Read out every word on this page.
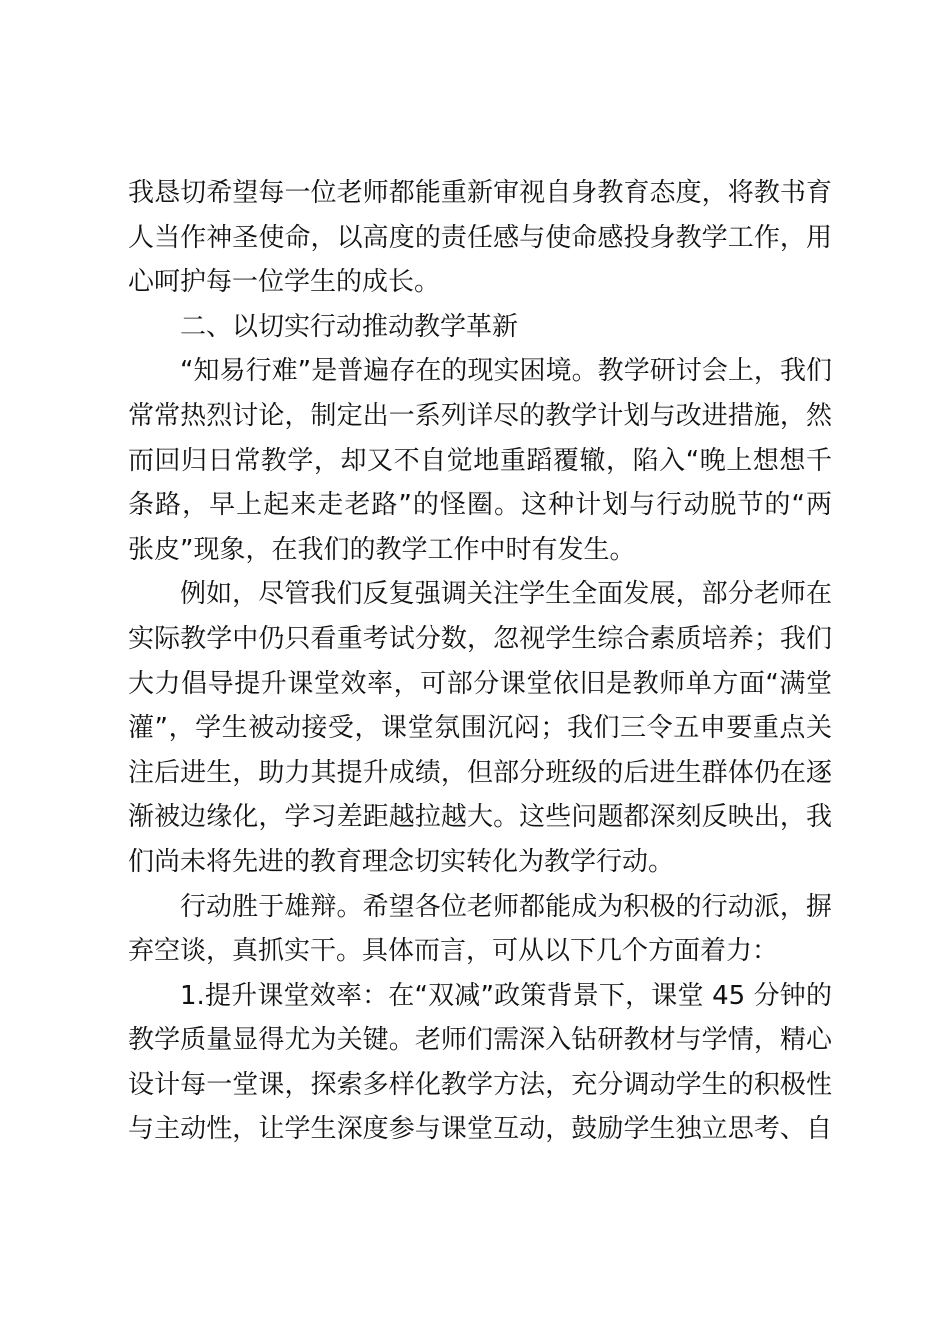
我恳切希望每一位老师都能重新审视自身教育态度，将教书育
人当作神圣使命，以高度的责任感与使命感投身教学工作，用
心呵护每一位学生的成长。
二、以切实行动推动教学革新
“知易行难”是普遍存在的现实困境。教学研讨会上，我们
常常热烈讨论，制定出一系列详尽的教学计划与改进措施，然
而回归日常教学，却又不自觉地重蹈覆辙，陷入“晚上想想千
条路，早上起来走老路”的怪圈。这种计划与行动脱节的“两
张皮”现象，在我们的教学工作中时有发生。
例如，尽管我们反复强调关注学生全面发展，部分老师在
实际教学中仍只看重考试分数，忽视学生综合素质培养；我们
大力倡导提升课堂效率，可部分课堂依旧是教师单方面“满堂
灌”，学生被动接受，课堂氛围沉闷；我们三令五申要重点关
注后进生，助力其提升成绩，但部分班级的后进生群体仍在逐
渐被边缘化，学习差距越拉越大。这些问题都深刻反映出，我
们尚未将先进的教育理念切实转化为教学行动。
行动胜于雄辩。希望各位老师都能成为积极的行动派，摒
弃空谈，真抓实干。具体而言，可从以下几个方面着力：
1.提升课堂效率：在“双减”政策背景下，课堂 45 分钟的
教学质量显得尤为关键。老师们需深入钻研教材与学情，精心
设计每一堂课，探索多样化教学方法，充分调动学生的积极性
与主动性，让学生深度参与课堂互动，鼓励学生独立思考、自
